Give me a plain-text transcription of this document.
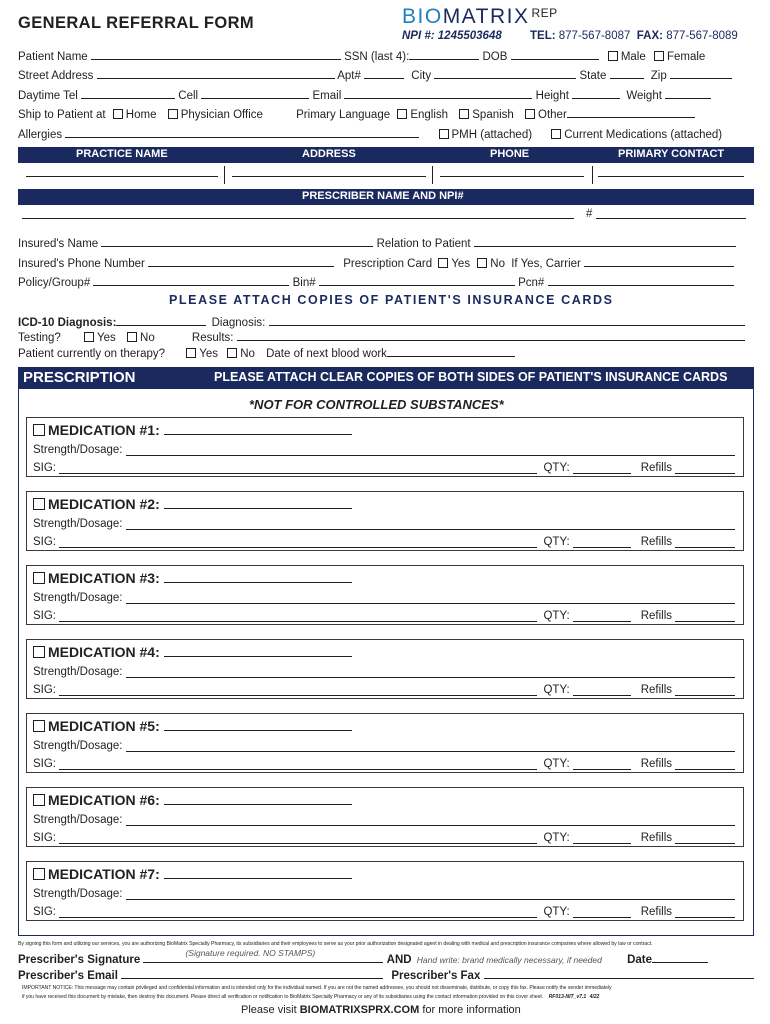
GENERAL REFERRAL FORM	BIOMATRIX $^{REP}$
NPI #: 1245503648 TEL: 877-567-8087 FAX: 877-567-8089
Patient Name	SSN (last 4):	DOB	Male Female
Street Address	Apt#	City	State	Zip
Daytime Tel	Cell	Email	Height	Weight
Ship to Patient at Home Physician Office	Primary Language English Spanish Other
Allergies	PMH (attached)	Current Medications (attached)
PRACTICE NAME	ADDRESS	PHONE	PRIMARY CONTACT
PRESCRIBER NAME AND NPI#
#
Insured's Name	Relation to Patient
Insured's Phone Number	Prescription Card Yes No If Yes, Carrier
Policy/Group#	Bin#	Pcn#
PLEASE ATTACH COPIES OF PATIENT'S INSURANCE CARDS
ICD-10 Diagnosis:	Diagnosis:
Testing?	Yes No	Results:
Patient currently on therapy?	Yes No Date of next blood work
PRESCRIPTION	PLEASE ATTACH CLEAR COPIES OF BOTH SIDES OF PATIENT'S INSURANCE CARDS
*NOT FOR CONTROLLED SUBSTANCES*
MEDICATION #1:
Strength/Dosage:
SIG:	QTY:	Refills
MEDICATION #2:
Strength/Dosage:
SIG:	QTY:	Refills
MEDICATION #3:
Strength/Dosage:
SIG:	QTY:	Refills
MEDICATION #4:
Strength/Dosage:
SIG:	QTY:	Refills
MEDICATION #5:
Strength/Dosage:
SIG:	QTY:	Refills
MEDICATION #6:
Strength/Dosage:
SIG:	QTY:	Refills
MEDICATION #7:
Strength/Dosage:
SIG:	QTY:	Refills
By signing this form and utilizing our services, you are authorizing BioMatrix Specialty Pharmacy, its subsidiaries and their employees to serve as your prior authorization designated agent in dealing with medical and prescription insurance companies where allowed by law or contract.
Prescriber's Signature
(Signature required. NO STAMPS)
AND Hand write: brand medically necessary, if needed Date
Prescriber's Email	Prescriber's Fax
IMPORTANT NOTICE: This message may contain privileged and confidential information and is intended only for the individual named. If you are not the named addressee, you should not disseminate, distribute, or copy this fax. Please notify the sender immediately
if you have received this document by mistake, then destroy this document. Please direct all verification or notification to BioMatrix Specialty Pharmacy or any of its subsidiaries using the contact information provided on this cover sheet. RF013-NIT_v7.1 4/22
Please visit BIOMATRIXSPRX.COM for more information
